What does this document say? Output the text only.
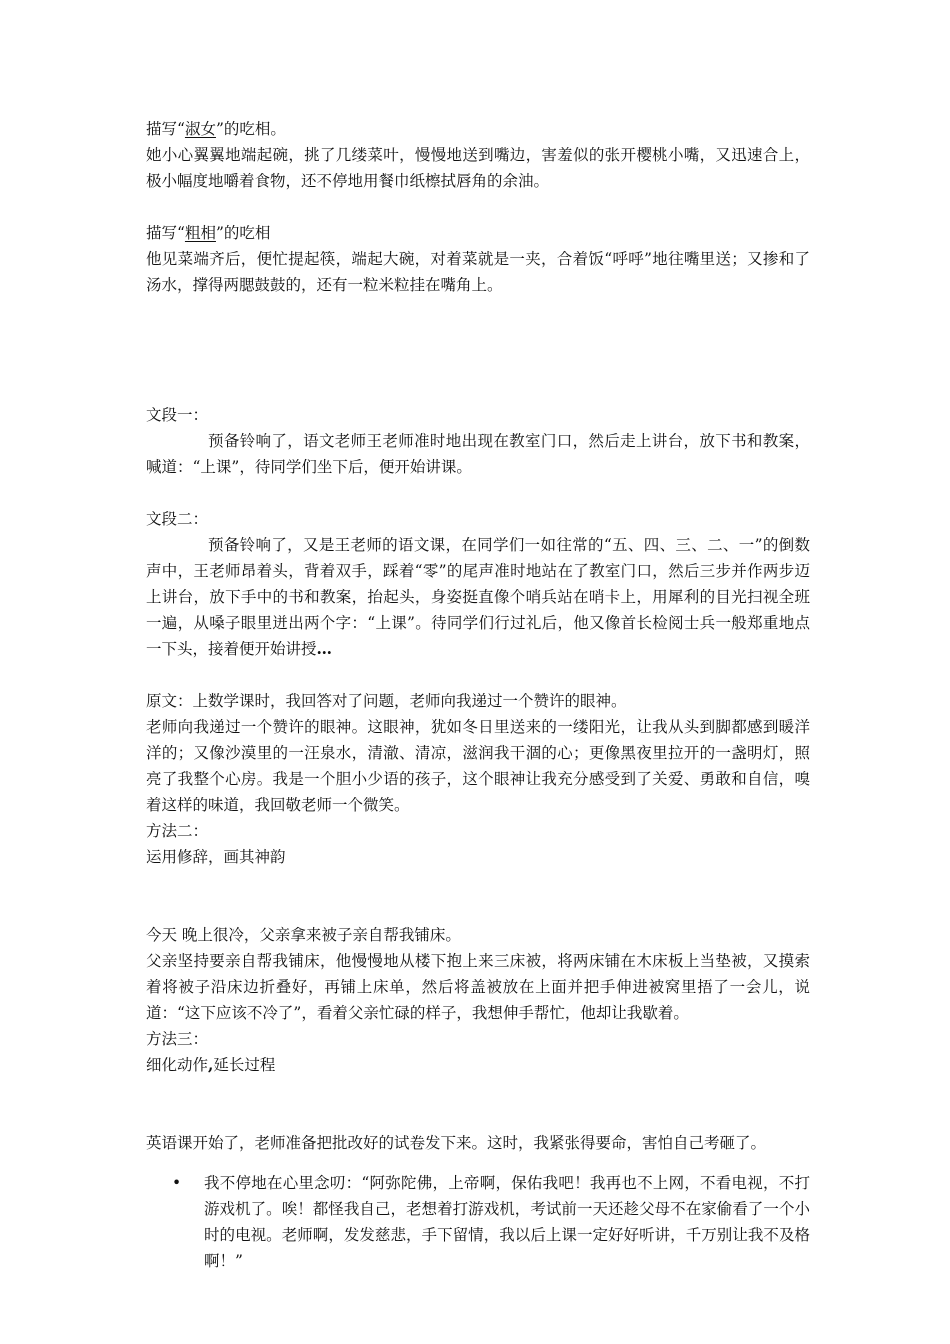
描写“淑女”的吃相。

她小心翼翼地端起碗，挑了几缕菜叶，慢慢地送到嘴边，害羞似的张开樱桃小嘴，又迅速合上，极小幅度地嚼着食物，还不停地用餐巾纸檫拭唇角的余油。

描写“粗相”的吃相

他见菜端齐后，便忙提起筷，端起大碗，对着菜就是一夹，合着饭“呼呼”地往嘴里送；又掺和了汤水，撑得两腮鼓鼓的，还有一粒米粒挂在嘴角上。

文段一：

预备铃响了，语文老师王老师准时地出现在教室门口，然后走上讲台，放下书和教案，喊道：“上课”，待同学们坐下后，便开始讲课。

文段二：

预备铃响了，又是王老师的语文课，在同学们一如往常的“五、四、三、二、一”的倒数声中，王老师昂着头，背着双手，踩着“零”的尾声准时地站在了教室门口，然后三步并作两步迈上讲台，放下手中的书和教案，抬起头，身姿挺直像个哨兵站在哨卡上，用犀利的目光扫视全班一遍，从嗓子眼里迸出两个字：“上课”。待同学们行过礼后，他又像首长检阅士兵一般郑重地点一下头，接着便开始讲授…

原文：上数学课时，我回答对了问题，老师向我递过一个赞许的眼神。

老师向我递过一个赞许的眼神。这眼神，犹如冬日里送来的一缕阳光，让我从头到脚都感到暖洋洋的；又像沙漠里的一汪泉水，清澈、清凉，滋润我干涸的心；更像黑夜里拉开的一盏明灯，照亮了我整个心房。我是一个胆小少语的孩子，这个眼神让我充分感受到了关爱、勇敢和自信，嗅着这样的味道，我回敬老师一个微笑。

方法二：

运用修辞，画其神韵

今天 晚上很冷，父亲拿来被子亲自帮我铺床。

父亲坚持要亲自帮我铺床，他慢慢地从楼下抱上来三床被，将两床铺在木床板上当垫被，又摸索着将被子沿床边折叠好，再铺上床单，然后将盖被放在上面并把手伸进被窝里捂了一会儿，说道：“这下应该不冷了”，看着父亲忙碌的样子，我想伸手帮忙，他却让我歇着。

方法三：

细化动作,延长过程

英语课开始了，老师准备把批改好的试卷发下来。这时，我紧张得要命，害怕自己考砸了。

•	我不停地在心里念叨：“阿弥陀佛，上帝啊，保佑我吧！我再也不上网，不看电视，不打游戏机了。唉！都怪我自己，老想着打游戏机，考试前一天还趁父母不在家偷看了一个小时的电视。老师啊，发发慈悲，手下留情，我以后上课一定好好听讲，千万别让我不及格啊！”
